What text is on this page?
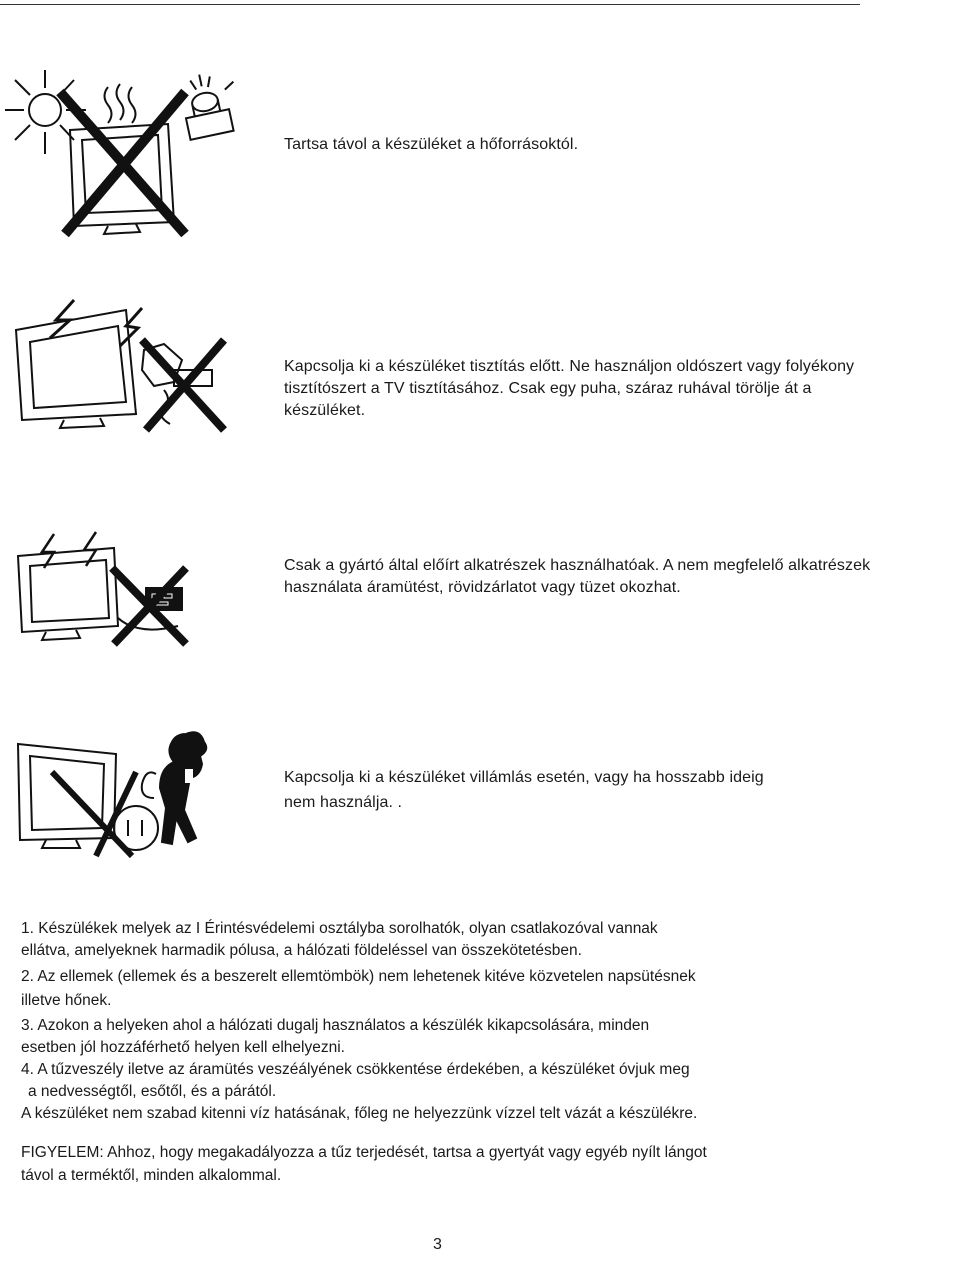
Tartsa távol a készüléket a hőforrásoktól.
Kapcsolja ki a készüléket tisztítás előtt. Ne használjon oldószert vagy folyékony
tisztítószert a TV tisztításához. Csak egy puha, száraz ruhával törölje át a
készüléket.
Csak a gyártó által előírt alkatrészek használhatóak. A nem megfelelő alkatrészek
használata áramütést, rövidzárlatot vagy tüzet okozhat.
Kapcsolja ki a készüléket villámlás esetén, vagy ha hosszabb ideig
nem használja. .

1. Készülékek melyek az I Érintésvédelemi osztályba sorolhatók, olyan csatlakozóval vannak

ellátva, amelyeknek harmadik pólusa, a hálózati földeléssel van összekötetésben.

2. Az ellemek (ellemek és a beszerelt ellemtömbök) nem lehetenek kitéve közvetelen napsütésnek

illetve hőnek.

3. Azokon a helyeken ahol a hálózati dugalj használatos a készülék kikapcsolására, minden

esetben jól hozzáférhető helyen kell elhelyezni.

4. A tűzveszély iletve az áramütés veszéályének csökkentése érdekében, a készüléket óvjuk meg

a nedvességtől, esőtől, és a párától.

A készüléket nem szabad kitenni víz hatásának, főleg ne helyezzünk vízzel telt vázát a készülékre.

FIGYELEM: Ahhoz, hogy megakadályozza a tűz terjedését, tartsa a gyertyát vagy egyéb nyílt lángot

távol a terméktől, minden alkalommal.

3
